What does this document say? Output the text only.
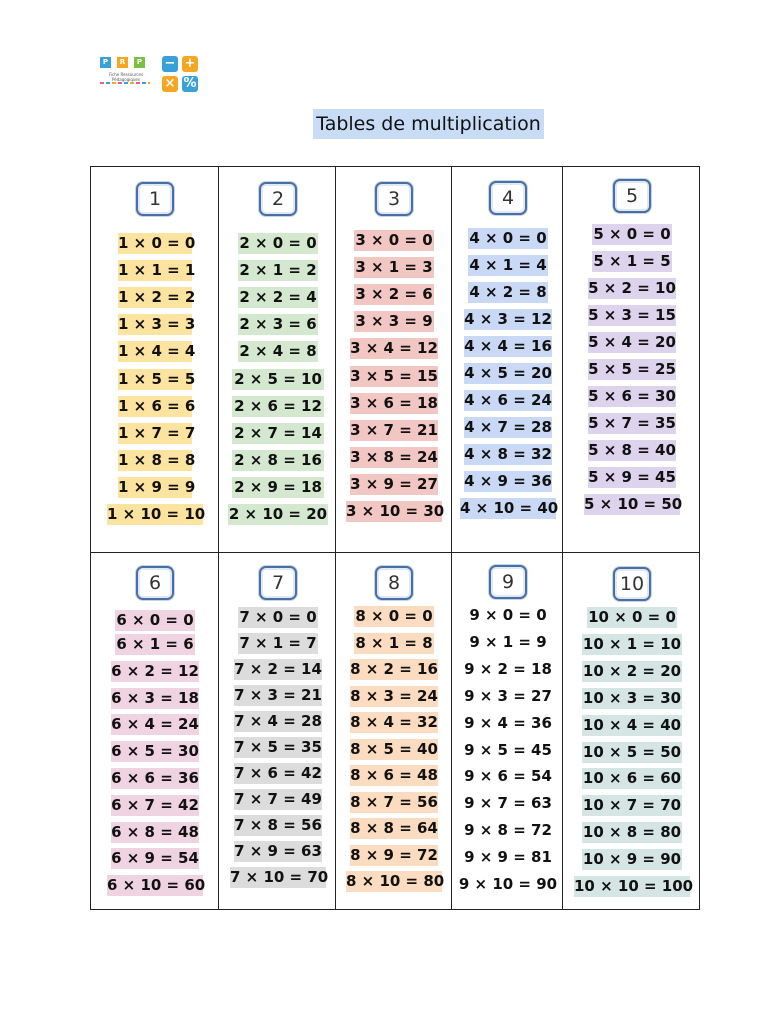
P	R	P
Fiche Ressources Pédagogiques
− +
× %
Tables de multiplication
1
1 × 0 = 0
1 × 1 = 1
1 × 2 = 2
1 × 3 = 3
1 × 4 = 4
1 × 5 = 5
1 × 6 = 6
1 × 7 = 7
1 × 8 = 8
1 × 9 = 9
1 × 10 = 10
2
2 × 0 = 0
2 × 1 = 2
2 × 2 = 4
2 × 3 = 6
2 × 4 = 8
2 × 5 = 10
2 × 6 = 12
2 × 7 = 14
2 × 8 = 16
2 × 9 = 18
2 × 10 = 20
3
3 × 0 = 0
3 × 1 = 3
3 × 2 = 6
3 × 3 = 9
3 × 4 = 12
3 × 5 = 15
3 × 6 = 18
3 × 7 = 21
3 × 8 = 24
3 × 9 = 27
3 × 10 = 30
4
4 × 0 = 0
4 × 1 = 4
4 × 2 = 8
4 × 3 = 12
4 × 4 = 16
4 × 5 = 20
4 × 6 = 24
4 × 7 = 28
4 × 8 = 32
4 × 9 = 36
4 × 10 = 40
5
5 × 0 = 0
5 × 1 = 5
5 × 2 = 10
5 × 3 = 15
5 × 4 = 20
5 × 5 = 25
5 × 6 = 30
5 × 7 = 35
5 × 8 = 40
5 × 9 = 45
5 × 10 = 50
6
6 × 0 = 0
6 × 1 = 6
6 × 2 = 12
6 × 3 = 18
6 × 4 = 24
6 × 5 = 30
6 × 6 = 36
6 × 7 = 42
6 × 8 = 48
6 × 9 = 54
6 × 10 = 60
7
7 × 0 = 0
7 × 1 = 7
7 × 2 = 14
7 × 3 = 21
7 × 4 = 28
7 × 5 = 35
7 × 6 = 42
7 × 7 = 49
7 × 8 = 56
7 × 9 = 63
7 × 10 = 70
8
8 × 0 = 0
8 × 1 = 8
8 × 2 = 16
8 × 3 = 24
8 × 4 = 32
8 × 5 = 40
8 × 6 = 48
8 × 7 = 56
8 × 8 = 64
8 × 9 = 72
8 × 10 = 80
9
9 × 0 = 0
9 × 1 = 9
9 × 2 = 18
9 × 3 = 27
9 × 4 = 36
9 × 5 = 45
9 × 6 = 54
9 × 7 = 63
9 × 8 = 72
9 × 9 = 81
9 × 10 = 90
10
10 × 0 = 0
10 × 1 = 10
10 × 2 = 20
10 × 3 = 30
10 × 4 = 40
10 × 5 = 50
10 × 6 = 60
10 × 7 = 70
10 × 8 = 80
10 × 9 = 90
10 × 10 = 100
